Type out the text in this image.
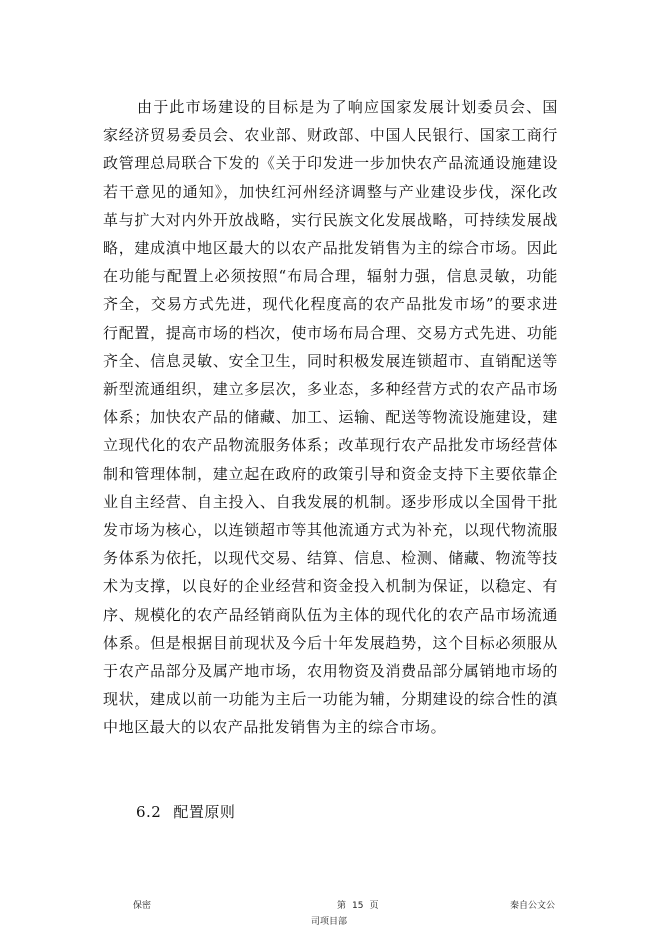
由于此市场建设的目标是为了响应国家发展计划委员会、国家经济贸易委员会、农业部、财政部、中国人民银行、国家工商行政管理总局联合下发的《关于印发进一步加快农产品流通设施建设若干意见的通知》，加快红河州经济调整与产业建设步伐，深化改革与扩大对内外开放战略，实行民族文化发展战略，可持续发展战略，建成滇中地区最大的以农产品批发销售为主的综合市场。因此在功能与配置上必须按照“布局合理，辐射力强，信息灵敏，功能齐全，交易方式先进，现代化程度高的农产品批发市场”的要求进行配置，提高市场的档次，使市场布局合理、交易方式先进、功能齐全、信息灵敏、安全卫生，同时积极发展连锁超市、直销配送等新型流通组织，建立多层次，多业态，多种经营方式的农产品市场体系；加快农产品的储藏、加工、运输、配送等物流设施建设，建立现代化的农产品物流服务体系；改革现行农产品批发市场经营体制和管理体制，建立起在政府的政策引导和资金支持下主要依靠企业自主经营、自主投入、自我发展的机制。逐步形成以全国骨干批发市场为核心，以连锁超市等其他流通方式为补充，以现代物流服务体系为依托，以现代交易、结算、信息、检测、储藏、物流等技术为支撑，以良好的企业经营和资金投入机制为保证，以稳定、有序、规模化的农产品经销商队伍为主体的现代化的农产品市场流通体系。但是根据目前现状及今后十年发展趋势，这个目标必须服从于农产品部分及属产地市场，农用物资及消费品部分属销地市场的现状，建成以前一功能为主后一功能为辅，分期建设的综合性的滇中地区最大的以农产品批发销售为主的综合市场。

6.2 配置原则
保密	第 15 页	秦自公文公
司项目部
